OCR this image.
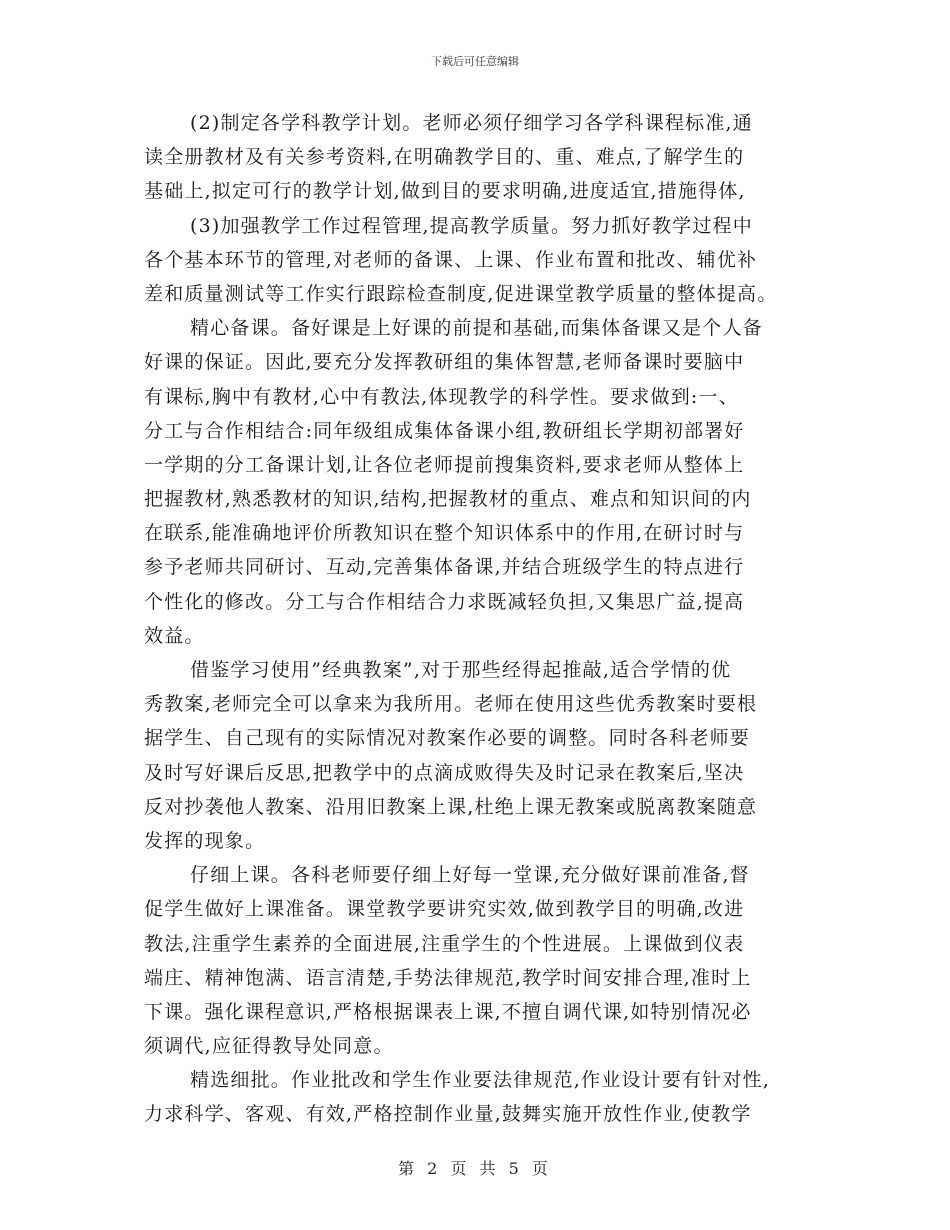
下载后可任意编辑
(2)制定各学科教学计划。老师必须仔细学习各学科课程标准,通
读全册教材及有关参考资料,在明确教学目的、重、难点,了解学生的
基础上,拟定可行的教学计划,做到目的要求明确,进度适宜,措施得体,
(3)加强教学工作过程管理,提高教学质量。努力抓好教学过程中
各个基本环节的管理,对老师的备课、上课、作业布置和批改、辅优补
差和质量测试等工作实行跟踪检查制度,促进课堂教学质量的整体提高。
精心备课。备好课是上好课的前提和基础,而集体备课又是个人备
好课的保证。因此,要充分发挥教研组的集体智慧,老师备课时要脑中
有课标,胸中有教材,心中有教法,体现教学的科学性。要求做到:一、
分工与合作相结合:同年级组成集体备课小组,教研组长学期初部署好
一学期的分工备课计划,让各位老师提前搜集资料,要求老师从整体上
把握教材,熟悉教材的知识,结构,把握教材的重点、难点和知识间的内
在联系,能准确地评价所教知识在整个知识体系中的作用,在研讨时与
参予老师共同研讨、互动,完善集体备课,并结合班级学生的特点进行
个性化的修改。分工与合作相结合力求既减轻负担,又集思广益,提高
效益。
借鉴学习使用”经典教案”,对于那些经得起推敲,适合学情的优
秀教案,老师完全可以拿来为我所用。老师在使用这些优秀教案时要根
据学生、自己现有的实际情况对教案作必要的调整。同时各科老师要
及时写好课后反思,把教学中的点滴成败得失及时记录在教案后,坚决
反对抄袭他人教案、沿用旧教案上课,杜绝上课无教案或脱离教案随意
发挥的现象。
仔细上课。各科老师要仔细上好每一堂课,充分做好课前准备,督
促学生做好上课准备。课堂教学要讲究实效,做到教学目的明确,改进
教法,注重学生素养的全面进展,注重学生的个性进展。上课做到仪表
端庄、精神饱满、语言清楚,手势法律规范,教学时间安排合理,准时上
下课。强化课程意识,严格根据课表上课,不擅自调代课,如特别情况必
须调代,应征得教导处同意。
精选细批。作业批改和学生作业要法律规范,作业设计要有针对性,
力求科学、客观、有效,严格控制作业量,鼓舞实施开放性作业,使教学
第 2 页 共 5 页
